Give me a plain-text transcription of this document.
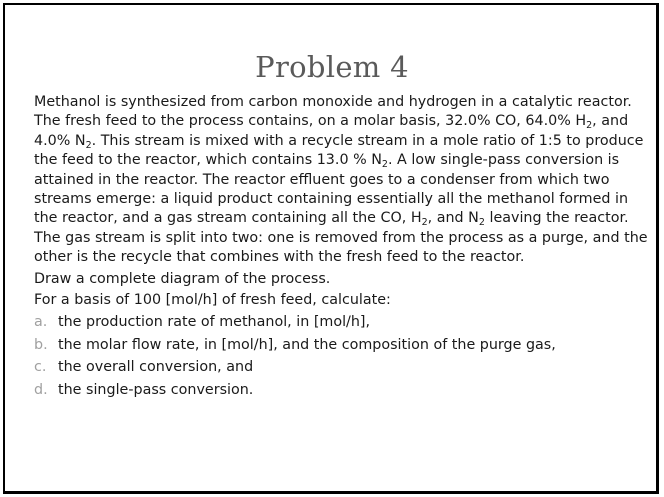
Problem 4

Methanol is synthesized from carbon monoxide and hydrogen in a catalytic reactor. The fresh feed to the process contains, on a molar basis, 32.0% CO, 64.0% $H_2$, and 4.0% $N_2$. This stream is mixed with a recycle stream in a mole ratio of 1:5 to produce the feed to the reactor, which contains 13.0 % $N_2$. A low single-pass conversion is attained in the reactor. The reactor effluent goes to a condenser from which two streams emerge: a liquid product containing essentially all the methanol formed in the reactor, and a gas stream containing all the CO, $H_2$, and $N_2$ leaving the reactor. The gas stream is split into two: one is removed from the process as a purge, and the other is the recycle that combines with the fresh feed to the reactor.

Draw a complete diagram of the process.

For a basis of 100 [mol/h] of fresh feed, calculate:

a. the production rate of methanol, in [mol/h],
b. the molar flow rate, in [mol/h], and the composition of the purge gas,
c. the overall conversion, and
d. the single-pass conversion.
